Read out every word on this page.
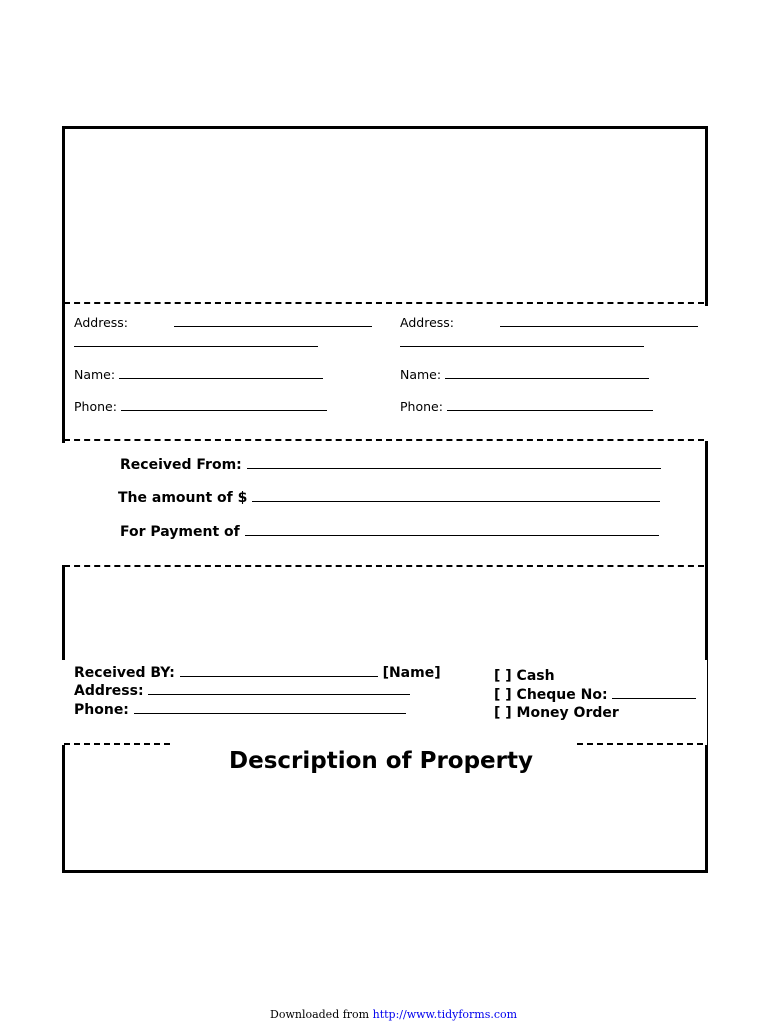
Address:
Name:
Phone:
Address:
Name:
Phone:
Received From:
The amount of $
For Payment of
Received BY:	[Name]
Address:
Phone:
[ ] Cash
[ ] Cheque No:
[ ] Money Order
Description of Property
Downloaded from http://www.tidyforms.com
